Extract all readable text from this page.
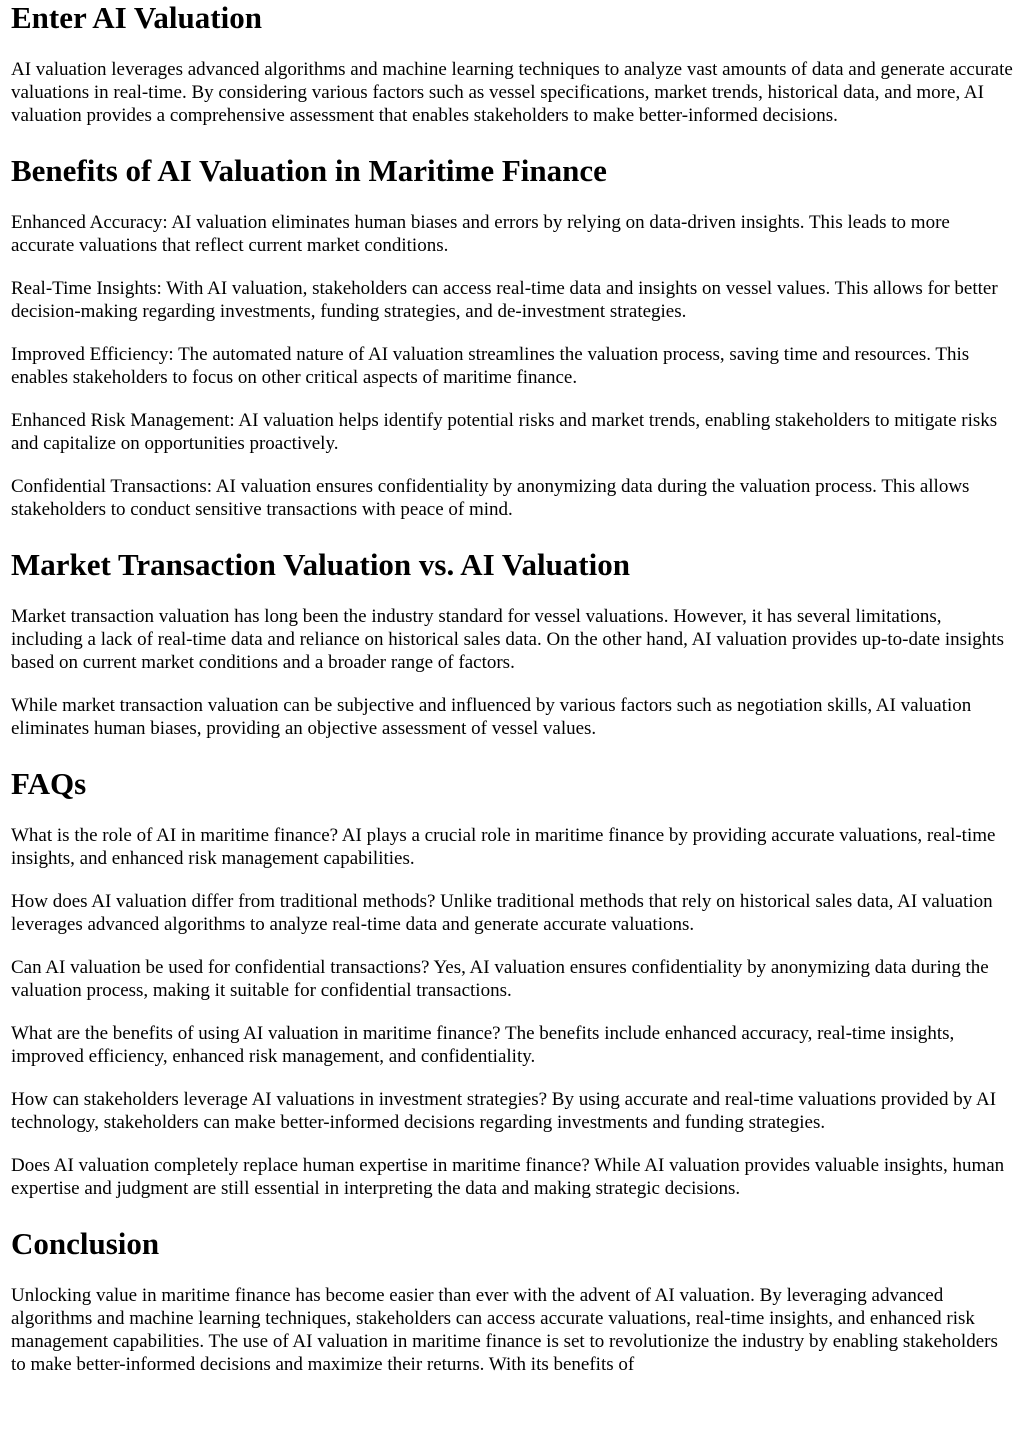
Enter AI Valuation

AI valuation leverages advanced algorithms and machine learning techniques to analyze vast amounts of data and generate accurate valuations in real-time. By considering various factors such as vessel specifications, market trends, historical data, and more, AI valuation provides a comprehensive assessment that enables stakeholders to make better-informed decisions.

Benefits of AI Valuation in Maritime Finance

Enhanced Accuracy: AI valuation eliminates human biases and errors by relying on data-driven insights. This leads to more accurate valuations that reflect current market conditions.

Real-Time Insights: With AI valuation, stakeholders can access real-time data and insights on vessel values. This allows for better decision-making regarding investments, funding strategies, and de-investment strategies.

Improved Efficiency: The automated nature of AI valuation streamlines the valuation process, saving time and resources. This enables stakeholders to focus on other critical aspects of maritime finance.

Enhanced Risk Management: AI valuation helps identify potential risks and market trends, enabling stakeholders to mitigate risks and capitalize on opportunities proactively.

Confidential Transactions: AI valuation ensures confidentiality by anonymizing data during the valuation process. This allows stakeholders to conduct sensitive transactions with peace of mind.

Market Transaction Valuation vs. AI Valuation

Market transaction valuation has long been the industry standard for vessel valuations. However, it has several limitations, including a lack of real-time data and reliance on historical sales data. On the other hand, AI valuation provides up-to-date insights based on current market conditions and a broader range of factors.

While market transaction valuation can be subjective and influenced by various factors such as negotiation skills, AI valuation eliminates human biases, providing an objective assessment of vessel values.

FAQs

What is the role of AI in maritime finance? AI plays a crucial role in maritime finance by providing accurate valuations, real-time insights, and enhanced risk management capabilities.

How does AI valuation differ from traditional methods? Unlike traditional methods that rely on historical sales data, AI valuation leverages advanced algorithms to analyze real-time data and generate accurate valuations.

Can AI valuation be used for confidential transactions? Yes, AI valuation ensures confidentiality by anonymizing data during the valuation process, making it suitable for confidential transactions.

What are the benefits of using AI valuation in maritime finance? The benefits include enhanced accuracy, real-time insights, improved efficiency, enhanced risk management, and confidentiality.

How can stakeholders leverage AI valuations in investment strategies? By using accurate and real-time valuations provided by AI technology, stakeholders can make better-informed decisions regarding investments and funding strategies.

Does AI valuation completely replace human expertise in maritime finance? While AI valuation provides valuable insights, human expertise and judgment are still essential in interpreting the data and making strategic decisions.

Conclusion

Unlocking value in maritime finance has become easier than ever with the advent of AI valuation. By leveraging advanced algorithms and machine learning techniques, stakeholders can access accurate valuations, real-time insights, and enhanced risk management capabilities. The use of AI valuation in maritime finance is set to revolutionize the industry by enabling stakeholders to make better-informed decisions and maximize their returns. With its benefits of
